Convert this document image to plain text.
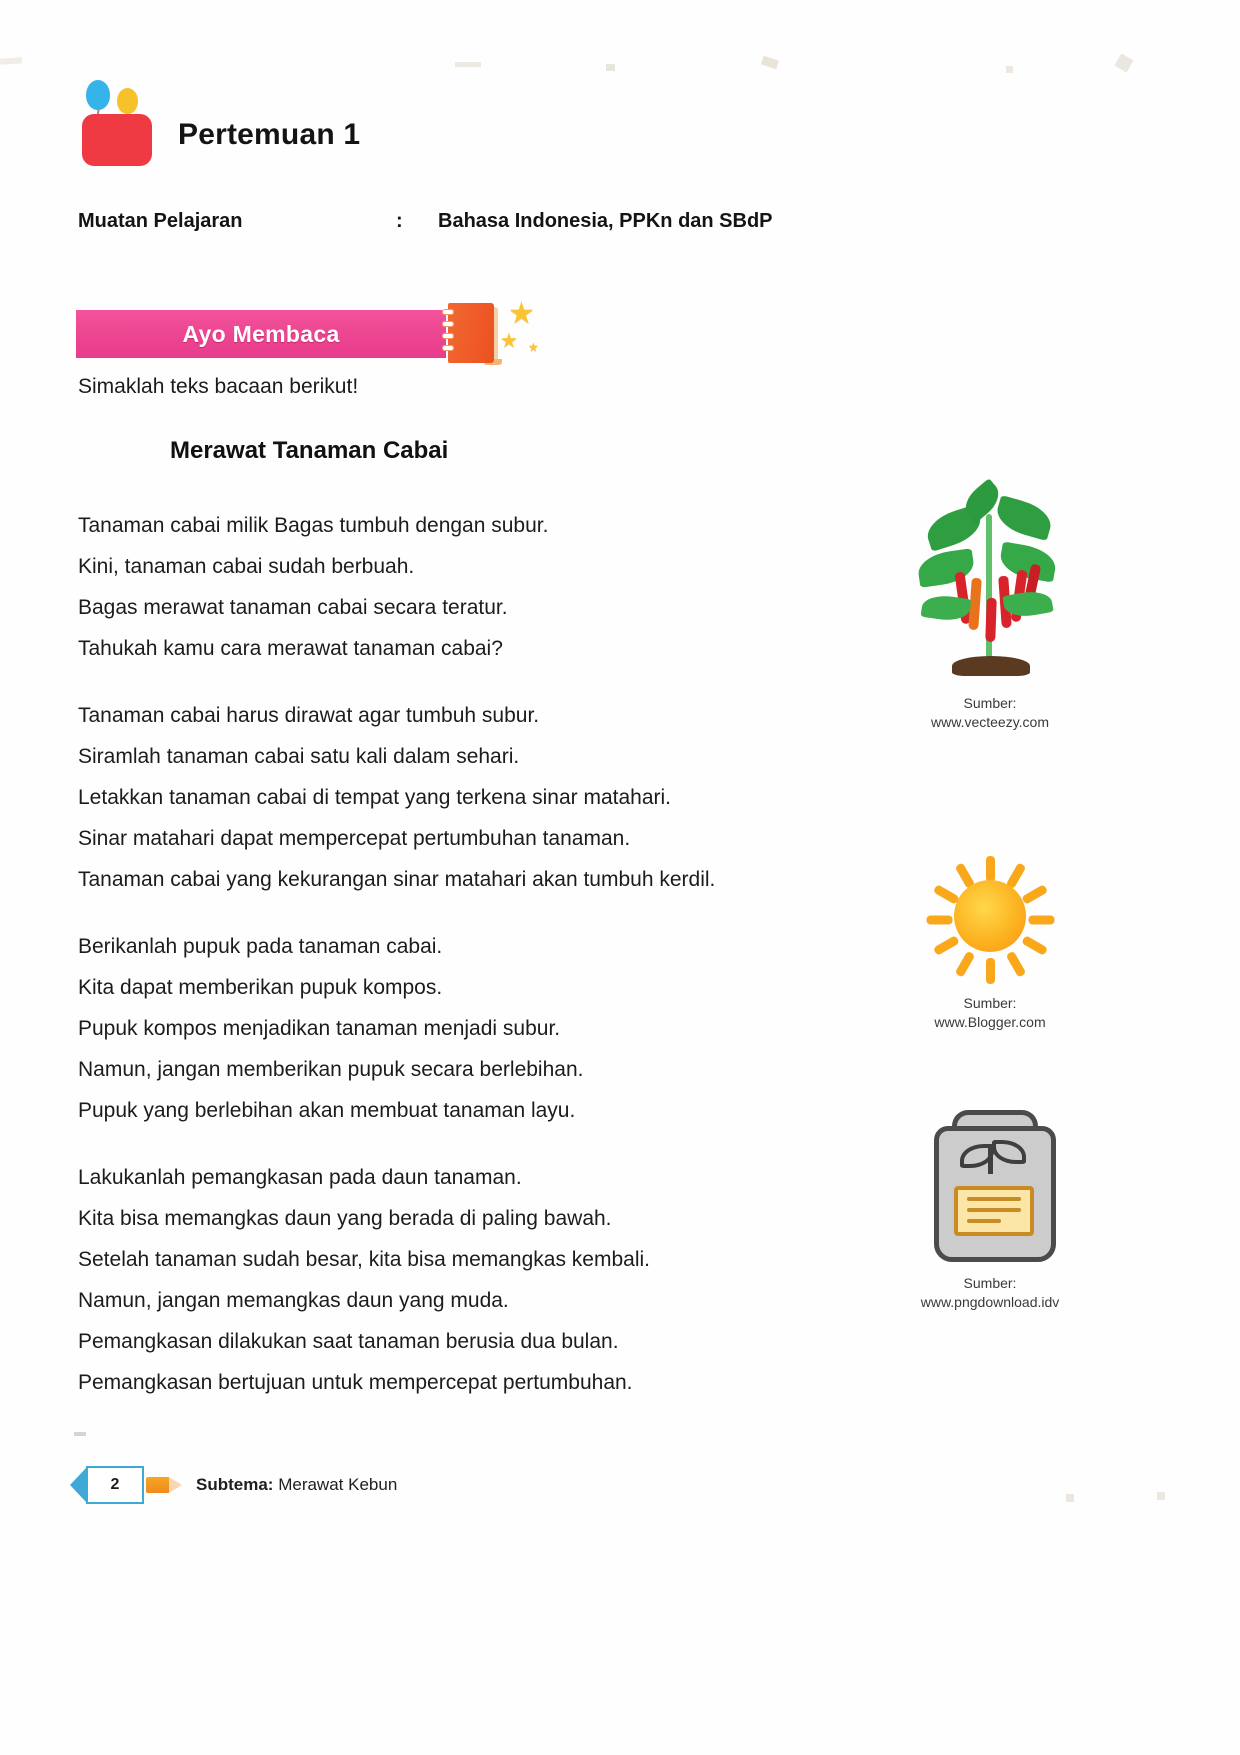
Pertemuan 1
Muatan Pelajaran	:	Bahasa Indonesia, PPKn dan SBdP
Ayo Membaca
★
★ ★
Simaklah teks bacaan berikut!
Merawat Tanaman Cabai

Tanaman cabai milik Bagas tumbuh dengan subur.
Kini, tanaman cabai sudah berbuah.
Bagas merawat tanaman cabai secara teratur.
Tahukah kamu cara merawat tanaman cabai?

Tanaman cabai harus dirawat agar tumbuh subur.
Siramlah tanaman cabai satu kali dalam sehari.
Letakkan tanaman cabai di tempat yang terkena sinar matahari.
Sinar matahari dapat mempercepat pertumbuhan tanaman.
Tanaman cabai yang kekurangan sinar matahari akan tumbuh kerdil.

Berikanlah pupuk pada tanaman cabai.
Kita dapat memberikan pupuk kompos.
Pupuk kompos menjadikan tanaman menjadi subur.
Namun, jangan memberikan pupuk secara berlebihan.
Pupuk yang berlebihan akan membuat tanaman layu.

Lakukanlah pemangkasan pada daun tanaman.
Kita bisa memangkas daun yang berada di paling bawah.
Setelah tanaman sudah besar, kita bisa memangkas kembali.
Namun, jangan memangkas daun yang muda.
Pemangkasan dilakukan saat tanaman berusia dua bulan.
Pemangkasan bertujuan untuk mempercepat pertumbuhan.

Sumber:
www.vecteezy.com
Sumber:
www.Blogger.com
Sumber:
www.pngdownload.idv
2	Subtema: Merawat Kebun
